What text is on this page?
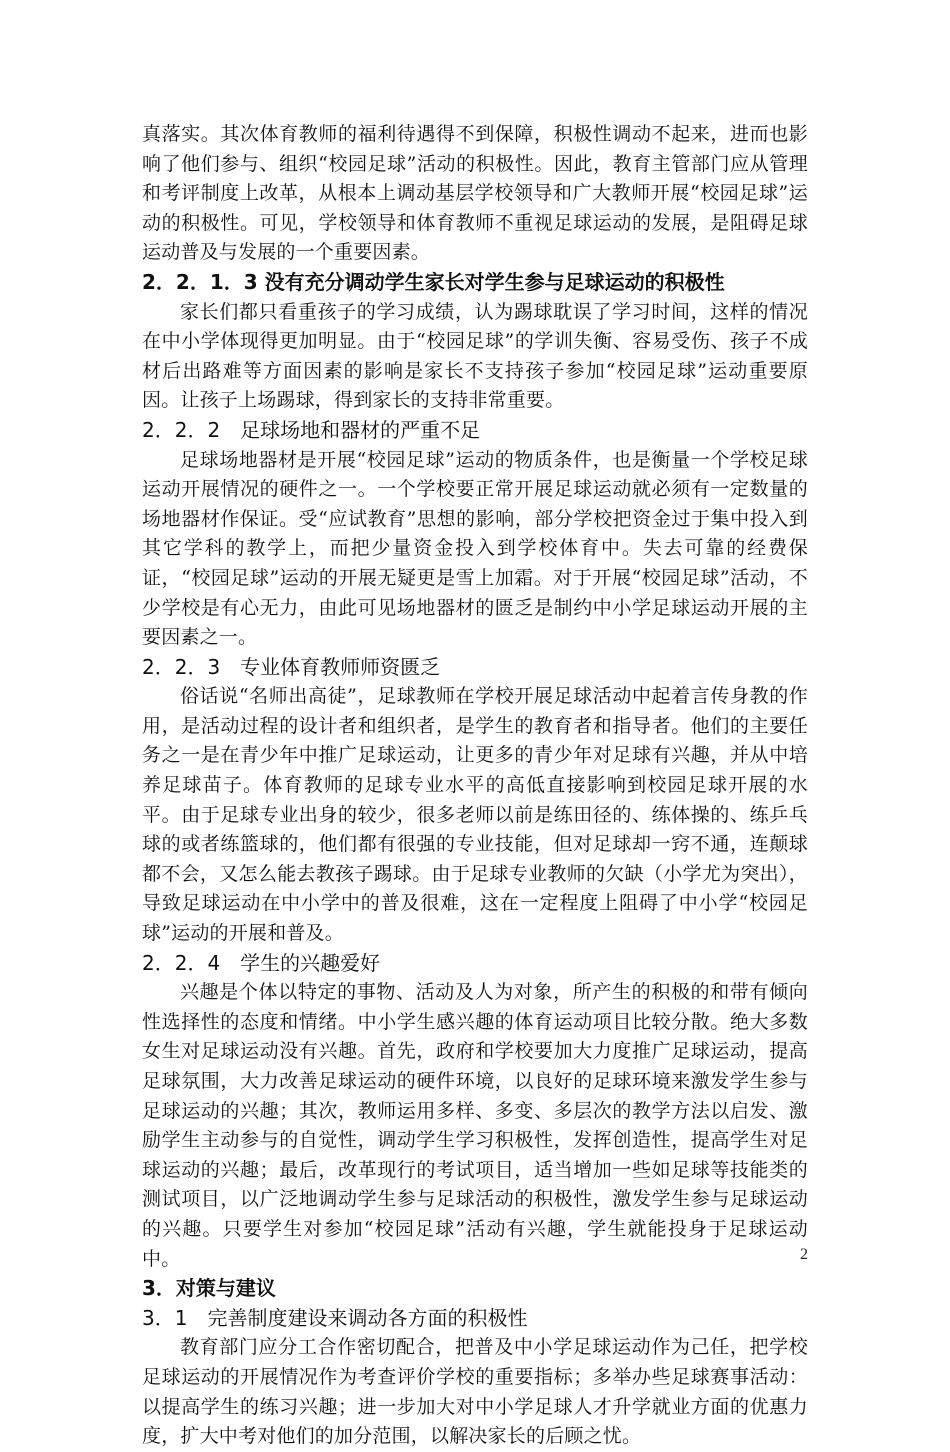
真落实。其次体育教师的福利待遇得不到保障，积极性调动不起来，进而也影响了他们参与、组织“校园足球”活动的积极性。因此，教育主管部门应从管理和考评制度上改革，从根本上调动基层学校领导和广大教师开展“校园足球”运动的积极性。可见，学校领导和体育教师不重视足球运动的发展，是阻碍足球运动普及与发展的一个重要因素。

2．2．1．3 没有充分调动学生家长对学生参与足球运动的积极性

家长们都只看重孩子的学习成绩，认为踢球耽误了学习时间，这样的情况在中小学体现得更加明显。由于“校园足球”的学训失衡、容易受伤、孩子不成材后出路难等方面因素的影响是家长不支持孩子参加“校园足球”运动重要原因。让孩子上场踢球，得到家长的支持非常重要。

2．2．2　足球场地和器材的严重不足

足球场地器材是开展“校园足球”运动的物质条件，也是衡量一个学校足球运动开展情况的硬件之一。一个学校要正常开展足球运动就必须有一定数量的场地器材作保证。受“应试教育”思想的影响，部分学校把资金过于集中投入到其它学科的教学上，而把少量资金投入到学校体育中。失去可靠的经费保证，“校园足球”运动的开展无疑更是雪上加霜。对于开展“校园足球”活动，不少学校是有心无力，由此可见场地器材的匮乏是制约中小学足球运动开展的主要因素之一。

2．2．3　专业体育教师师资匮乏

俗话说“名师出高徒”，足球教师在学校开展足球活动中起着言传身教的作用，是活动过程的设计者和组织者，是学生的教育者和指导者。他们的主要任务之一是在青少年中推广足球运动，让更多的青少年对足球有兴趣，并从中培养足球苗子。体育教师的足球专业水平的高低直接影响到校园足球开展的水平。由于足球专业出身的较少，很多老师以前是练田径的、练体操的、练乒乓球的或者练篮球的，他们都有很强的专业技能，但对足球却一窍不通，连颠球都不会，又怎么能去教孩子踢球。由于足球专业教师的欠缺（小学尤为突出），导致足球运动在中小学中的普及很难，这在一定程度上阻碍了中小学“校园足球”运动的开展和普及。

2．2．4　学生的兴趣爱好

兴趣是个体以特定的事物、活动及人为对象，所产生的积极的和带有倾向性选择性的态度和情绪。中小学生感兴趣的体育运动项目比较分散。绝大多数女生对足球运动没有兴趣。首先，政府和学校要加大力度推广足球运动，提高足球氛围，大力改善足球运动的硬件环境，以良好的足球环境来激发学生参与足球运动的兴趣；其次，教师运用多样、多变、多层次的教学方法以启发、激励学生主动参与的自觉性，调动学生学习积极性，发挥创造性，提高学生对足球运动的兴趣；最后，改革现行的考试项目，适当增加一些如足球等技能类的测试项目，以广泛地调动学生参与足球活动的积极性，激发学生参与足球运动的兴趣。只要学生对参加“校园足球”活动有兴趣，学生就能投身于足球运动中。

3．对策与建议
3．1　完善制度建设来调动各方面的积极性

教育部门应分工合作密切配合，把普及中小学足球运动作为己任，把学校足球运动的开展情况作为考查评价学校的重要指标；多举办些足球赛事活动：以提高学生的练习兴趣；进一步加大对中小学足球人才升学就业方面的优惠力度，扩大中考对他们的加分范围，以解决家长的后顾之忧。

2
